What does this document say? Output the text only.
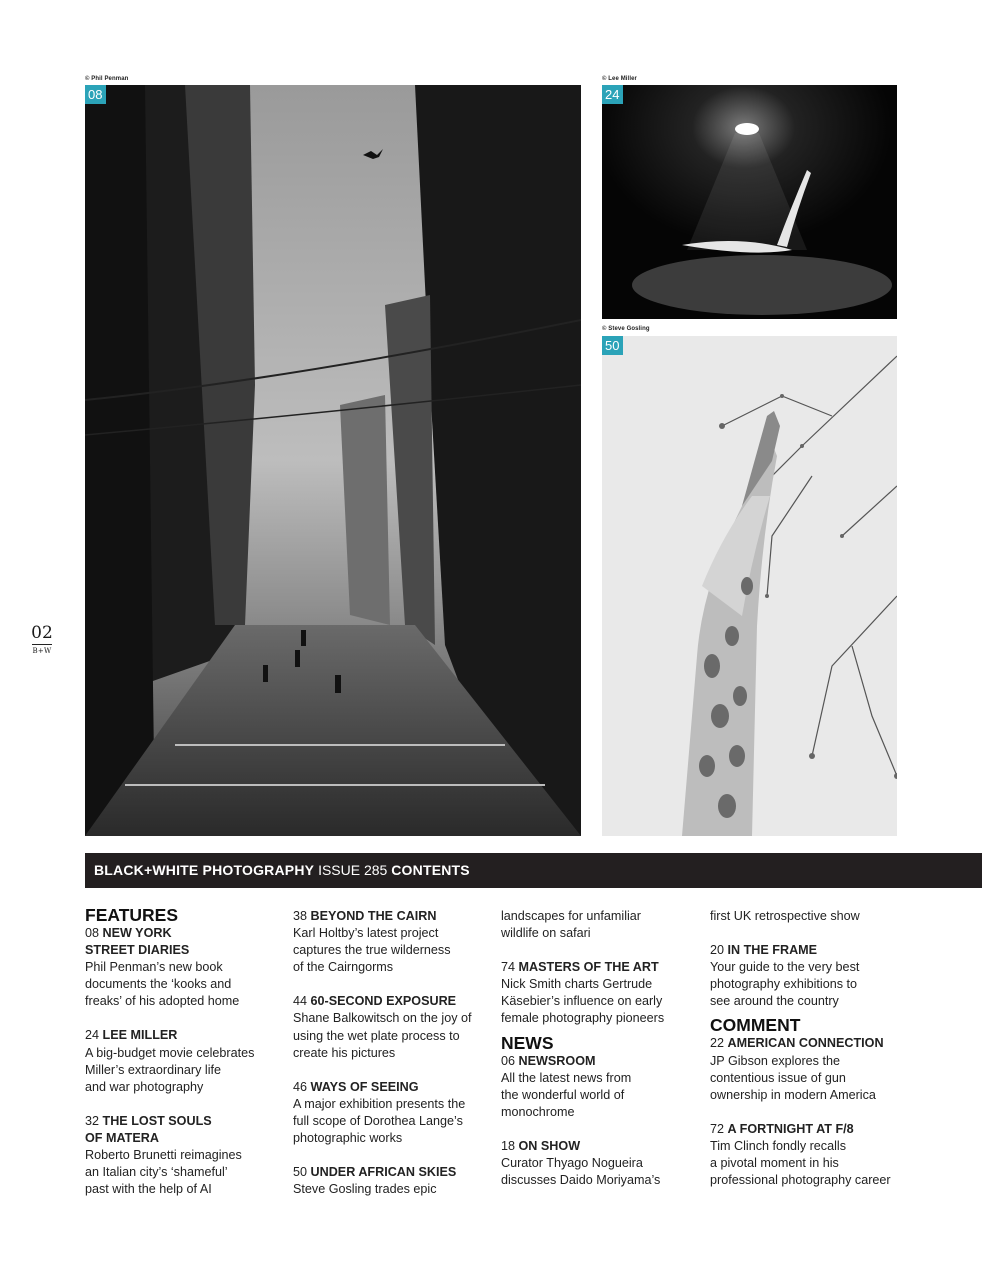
© Phil Penman
08
© Lee Miller
24
© Steve Gosling
50
02
B+W
BLACK+WHITE PHOTOGRAPHY ISSUE 285 CONTENTS
FEATURES
08 NEW YORK
STREET DIARIES
Phil Penman’s new book
documents the ‘kooks and
freaks’ of his adopted home
24 LEE MILLER
A big-budget movie celebrates
Miller’s extraordinary life
and war photography
32 THE LOST SOULS
OF MATERA
Roberto Brunetti reimagines
an Italian city’s ‘shameful’
past with the help of AI
38 BEYOND THE CAIRN
Karl Holtby’s latest project
captures the true wilderness
of the Cairngorms
44 60-SECOND EXPOSURE
Shane Balkowitsch on the joy of
using the wet plate process to
create his pictures
46 WAYS OF SEEING
A major exhibition presents the
full scope of Dorothea Lange’s
photographic works
50 UNDER AFRICAN SKIES
Steve Gosling trades epic
landscapes for unfamiliar
wildlife on safari
74 MASTERS OF THE ART
Nick Smith charts Gertrude
Käsebier’s influence on early
female photography pioneers
NEWS
06 NEWSROOM
All the latest news from
the wonderful world of
monochrome
18 ON SHOW
Curator Thyago Nogueira
discusses Daido Moriyama’s
first UK retrospective show
20 IN THE FRAME
Your guide to the very best
photography exhibitions to
see around the country
COMMENT
22 AMERICAN CONNECTION
JP Gibson explores the
contentious issue of gun
ownership in modern America
72 A FORTNIGHT AT F/8
Tim Clinch fondly recalls
a pivotal moment in his
professional photography career
